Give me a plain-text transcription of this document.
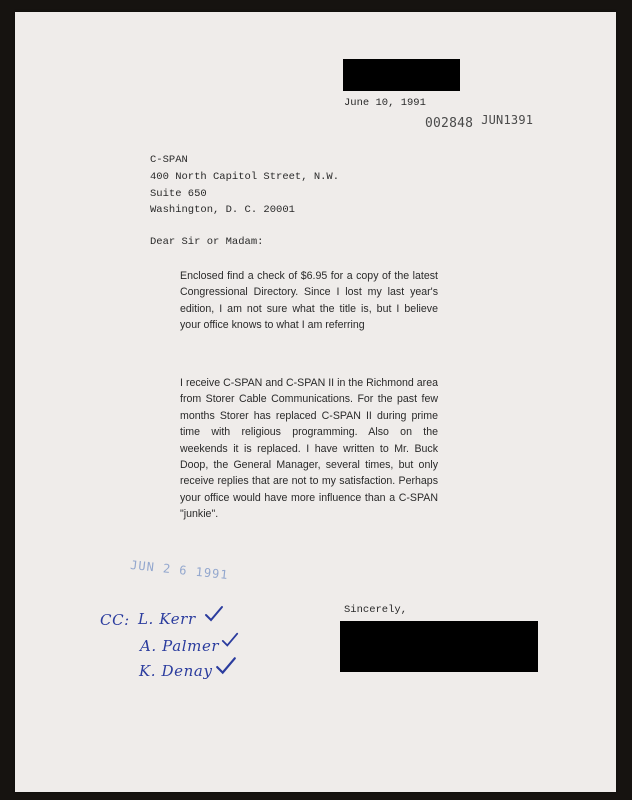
June 10, 1991
002848 JUN1391
C-SPAN
400 North Capitol Street, N.W.
Suite 650
Washington, D. C. 20001
Dear Sir or Madam:
Enclosed find a check of $6.95 for a copy of the latest Congressional Directory. Since I lost my last year's edition, I am not sure what the title is, but I believe your office knows to what I am referring
I receive C-SPAN and C-SPAN II in the Richmond area from Storer Cable Communications. For the past few months Storer has replaced C-SPAN II during prime time with religious programming. Also on the weekends it is replaced. I have written to Mr. Buck Doop, the General Manager, several times, but only receive replies that are not to my satisfaction. Perhaps your office would have more influence than a C-SPAN "junkie".
JUN 2 6 1991
Sincerely,
CC: L. Kerr
A. Palmer
K. Denay
